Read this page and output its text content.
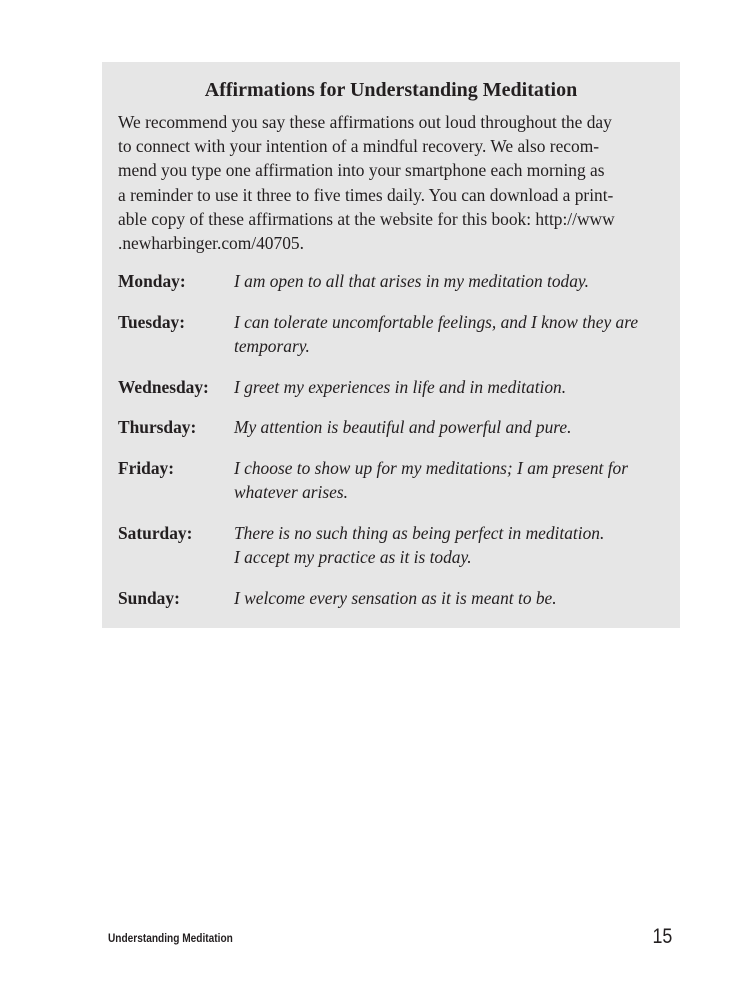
Affirmations for Understanding Meditation
We recommend you say these affirmations out loud throughout the day
to connect with your intention of a mindful recovery. We also recom-
mend you type one affirmation into your smartphone each morning as
a reminder to use it three to five times daily. You can download a print-
able copy of these affirmations at the website for this book: http://www
.newharbinger.com/40705.
Monday:	I am open to all that arises in my meditation today.
Tuesday:	I can tolerate uncomfortable feelings, and I know they are
temporary.
Wednesday:	I greet my experiences in life and in meditation.
Thursday:	My attention is beautiful and powerful and pure.
Friday:	I choose to show up for my meditations; I am present for
whatever arises.
Saturday:	There is no such thing as being perfect in meditation.
I accept my practice as it is today.
Sunday:	I welcome every sensation as it is meant to be.
Understanding Meditation	15
